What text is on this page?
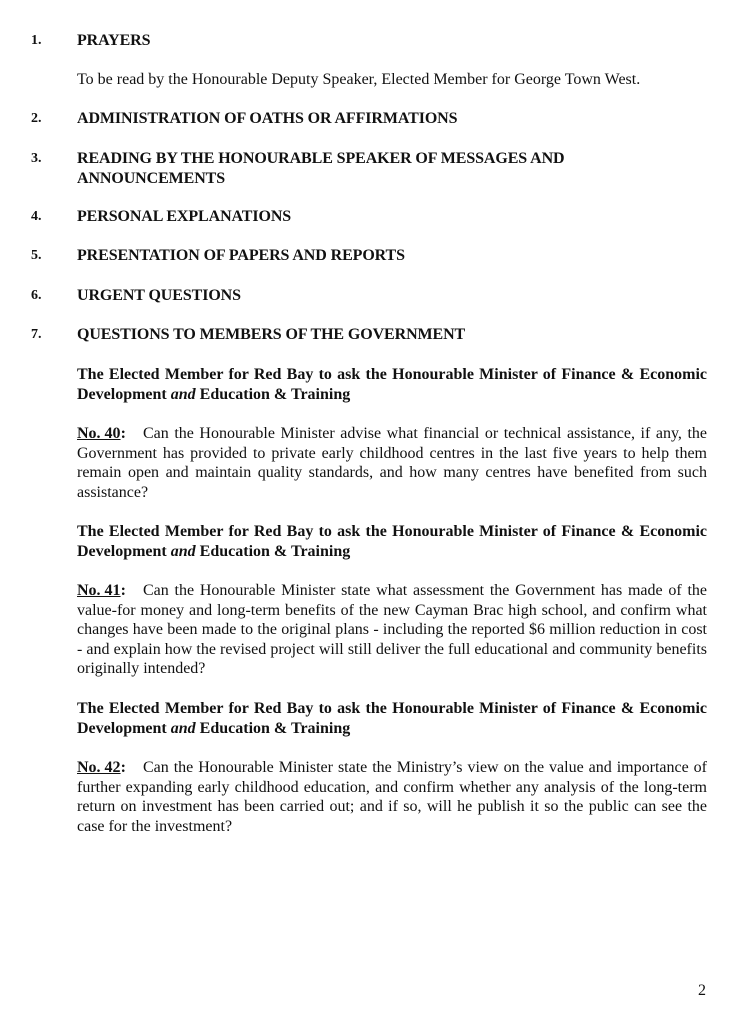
1. PRAYERS
To be read by the Honourable Deputy Speaker, Elected Member for George Town West.
2. ADMINISTRATION OF OATHS OR AFFIRMATIONS
3. READING BY THE HONOURABLE SPEAKER OF MESSAGES AND ANNOUNCEMENTS
4. PERSONAL EXPLANATIONS
5. PRESENTATION OF PAPERS AND REPORTS
6. URGENT QUESTIONS
7. QUESTIONS TO MEMBERS OF THE GOVERNMENT
The Elected Member for Red Bay to ask the Honourable Minister of Finance & Economic Development and Education & Training
No. 40: Can the Honourable Minister advise what financial or technical assistance, if any, the Government has provided to private early childhood centres in the last five years to help them remain open and maintain quality standards, and how many centres have benefited from such assistance?
The Elected Member for Red Bay to ask the Honourable Minister of Finance & Economic Development and Education & Training
No. 41: Can the Honourable Minister state what assessment the Government has made of the value-for money and long-term benefits of the new Cayman Brac high school, and confirm what changes have been made to the original plans - including the reported $6 million reduction in cost - and explain how the revised project will still deliver the full educational and community benefits originally intended?
The Elected Member for Red Bay to ask the Honourable Minister of Finance & Economic Development and Education & Training
No. 42: Can the Honourable Minister state the Ministry’s view on the value and importance of further expanding early childhood education, and confirm whether any analysis of the long-term return on investment has been carried out; and if so, will he publish it so the public can see the case for the investment?
2
